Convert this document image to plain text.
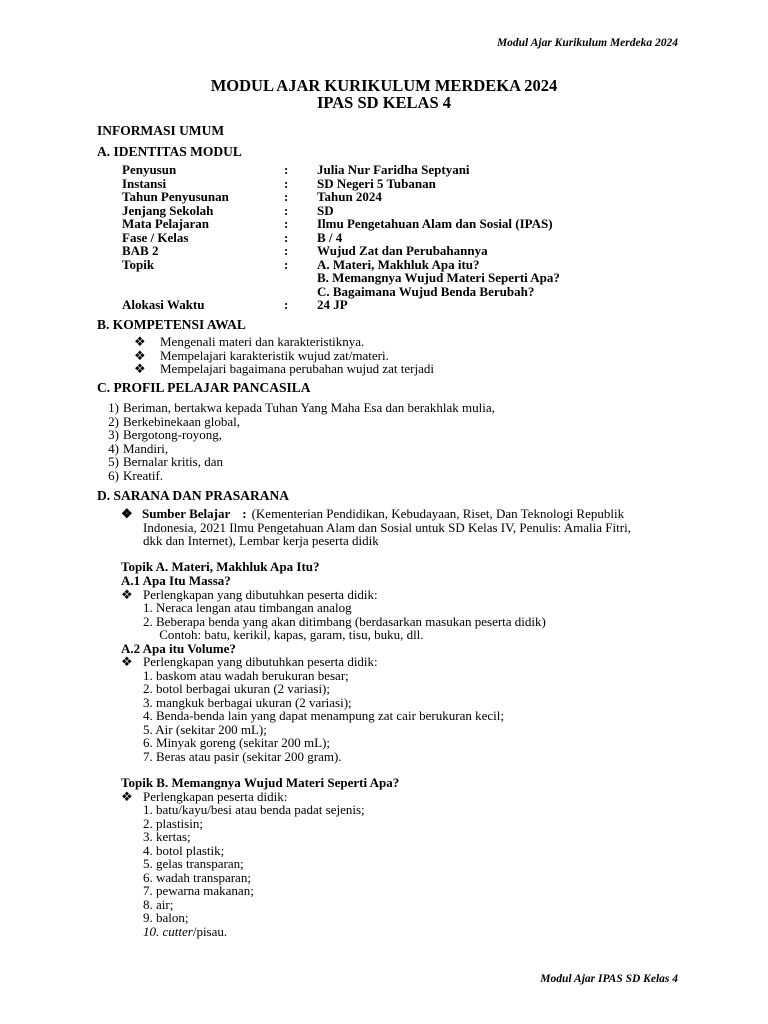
Modul Ajar Kurikulum Merdeka 2024
MODUL AJAR KURIKULUM MERDEKA 2024
IPAS SD KELAS 4
INFORMASI UMUM
A. IDENTITAS MODUL
Penyusun	: Julia Nur Faridha Septyani
Instansi	: SD Negeri 5 Tubanan
Tahun Penyusunan	: Tahun 2024
Jenjang Sekolah	: SD
Mata Pelajaran	: Ilmu Pengetahuan Alam dan Sosial (IPAS)
Fase / Kelas	: B / 4
BAB 2	: Wujud Zat dan Perubahannya
Topik	: A. Materi, Makhluk Apa itu?
B. Memangnya Wujud Materi Seperti Apa?
C. Bagaimana Wujud Benda Berubah?
Alokasi Waktu	: 24 JP
B. KOMPETENSI AWAL
❖ Mengenali materi dan karakteristiknya.
❖ Mempelajari karakteristik wujud zat/materi.
❖ Mempelajari bagaimana perubahan wujud zat terjadi
C. PROFIL PELAJAR PANCASILA
1) Beriman, bertakwa kepada Tuhan Yang Maha Esa dan berakhlak mulia,
2) Berkebinekaan global,
3) Bergotong-royong,
4) Mandiri,
5) Bernalar kritis, dan
6) Kreatif.
D. SARANA DAN PRASARANA
❖ Sumber Belajar : (Kementerian Pendidikan, Kebudayaan, Riset, Dan Teknologi Republik
Indonesia, 2021 Ilmu Pengetahuan Alam dan Sosial untuk SD Kelas IV, Penulis: Amalia Fitri,
dkk dan Internet), Lembar kerja peserta didik
Topik A. Materi, Makhluk Apa Itu?
A.1 Apa Itu Massa?
❖ Perlengkapan yang dibutuhkan peserta didik:
1. Neraca lengan atau timbangan analog
2. Beberapa benda yang akan ditimbang (berdasarkan masukan peserta didik)
Contoh: batu, kerikil, kapas, garam, tisu, buku, dll.
A.2 Apa itu Volume?
❖ Perlengkapan yang dibutuhkan peserta didik:
1. baskom atau wadah berukuran besar;
2. botol berbagai ukuran (2 variasi);
3. mangkuk berbagai ukuran (2 variasi);
4. Benda-benda lain yang dapat menampung zat cair berukuran kecil;
5. Air (sekitar 200 mL);
6. Minyak goreng (sekitar 200 mL);
7. Beras atau pasir (sekitar 200 gram).
Topik B. Memangnya Wujud Materi Seperti Apa?
❖ Perlengkapan peserta didik:
1. batu/kayu/besi atau benda padat sejenis;
2. plastisin;
3. kertas;
4. botol plastik;
5. gelas transparan;
6. wadah transparan;
7. pewarna makanan;
8. air;
9. balon;
10. cutter/pisau.
Modul Ajar IPAS SD Kelas 4
